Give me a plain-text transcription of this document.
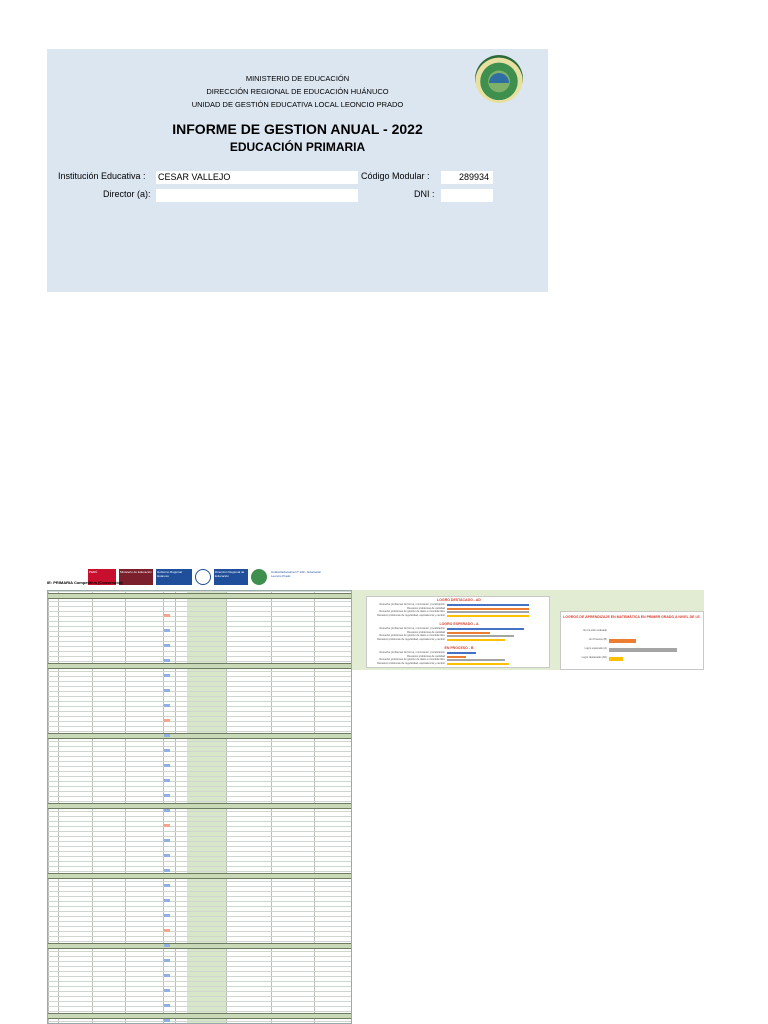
MINISTERIO DE EDUCACIÓN
DIRECCIÓN REGIONAL DE EDUCACIÓN HUÁNUCO
UNIDAD DE GESTIÓN EDUCATIVA LOCAL LEONCIO PRADO
INFORME DE GESTION ANUAL - 2022
EDUCACIÓN PRIMARIA
Institución Educativa : CESAR VALLEJO	Código Modular :	289934
Director (a):	DNI :
PERÚ	Ministerio de Educación	Gobierno Regional Huánuco
Dirección Regional de Educación
Unidad Educativa N° 190 - Educación Leoncio Prado
IE: PRIMARIA Competitiva (Conversión)
LOGRO DESTACADO - AD
Resuelve problemas de forma, movimiento y localización
Resuelve problemas de cantidad
Resuelve problemas de gestión de datos e incertidumbre
Resuelve problemas de regularidad, equivalencia y cambio
LOGRO ESPERADO - A
Resuelve problemas de forma, movimiento y localización
Resuelve problemas de cantidad
Resuelve problemas de gestión de datos e incertidumbre
Resuelve problemas de regularidad, equivalencia y cambio
EN PROCESO - B
Resuelve problemas de forma, movimiento y localización
Resuelve problemas de cantidad
Resuelve problemas de gestión de datos e incertidumbre
Resuelve problemas de regularidad, equivalencia y cambio
LOGROS DE APRENDIZAJE EN MATEMÁTICA EN PRIMER GRADO A NIVEL DE I.E.
No ha sido evaluado
En Proceso (B)
Logro esperado (A)
Logro destacado (AD)
